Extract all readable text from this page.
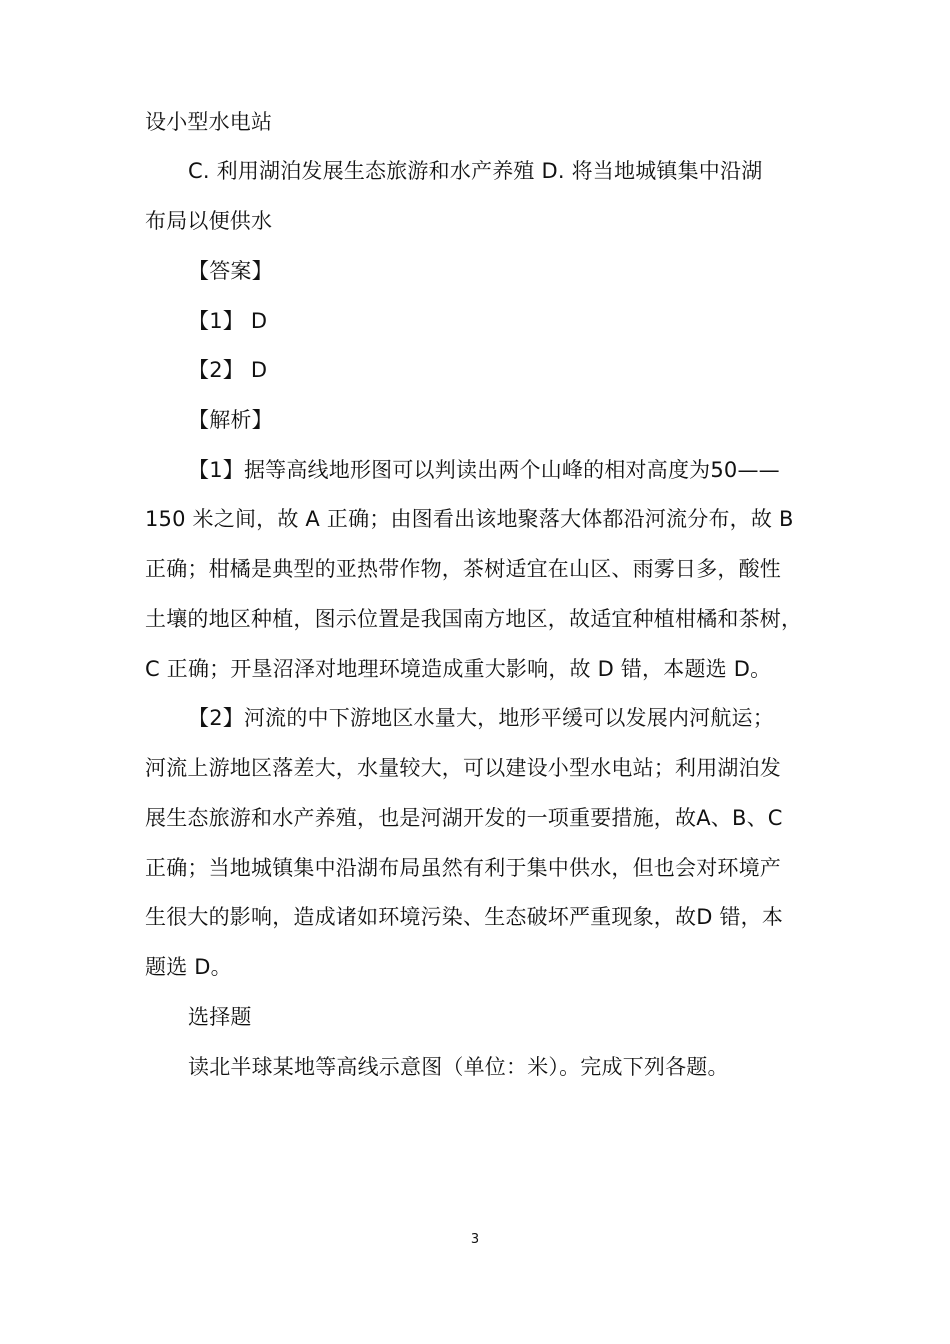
设小型水电站
C. 利用湖泊发展生态旅游和水产养殖 D. 将当地城镇集中沿湖
布局以便供水
【答案】
【1】 D
【2】 D
【解析】
【1】据等高线地形图可以判读出两个山峰的相对高度为50——
150 米之间，故 A 正确；由图看出该地聚落大体都沿河流分布，故 B
正确；柑橘是典型的亚热带作物，茶树适宜在山区、雨雾日多，酸性
土壤的地区种植，图示位置是我国南方地区，故适宜种植柑橘和茶树，
C 正确；开垦沼泽对地理环境造成重大影响，故 D 错，本题选 D。
【2】河流的中下游地区水量大，地形平缓可以发展内河航运；
河流上游地区落差大，水量较大，可以建设小型水电站；利用湖泊发
展生态旅游和水产养殖，也是河湖开发的一项重要措施，故A、B、C
正确；当地城镇集中沿湖布局虽然有利于集中供水，但也会对环境产
生很大的影响，造成诸如环境污染、生态破坏严重现象，故D 错，本
题选 D。
选择题
读北半球某地等高线示意图（单位：米）。完成下列各题。
3
